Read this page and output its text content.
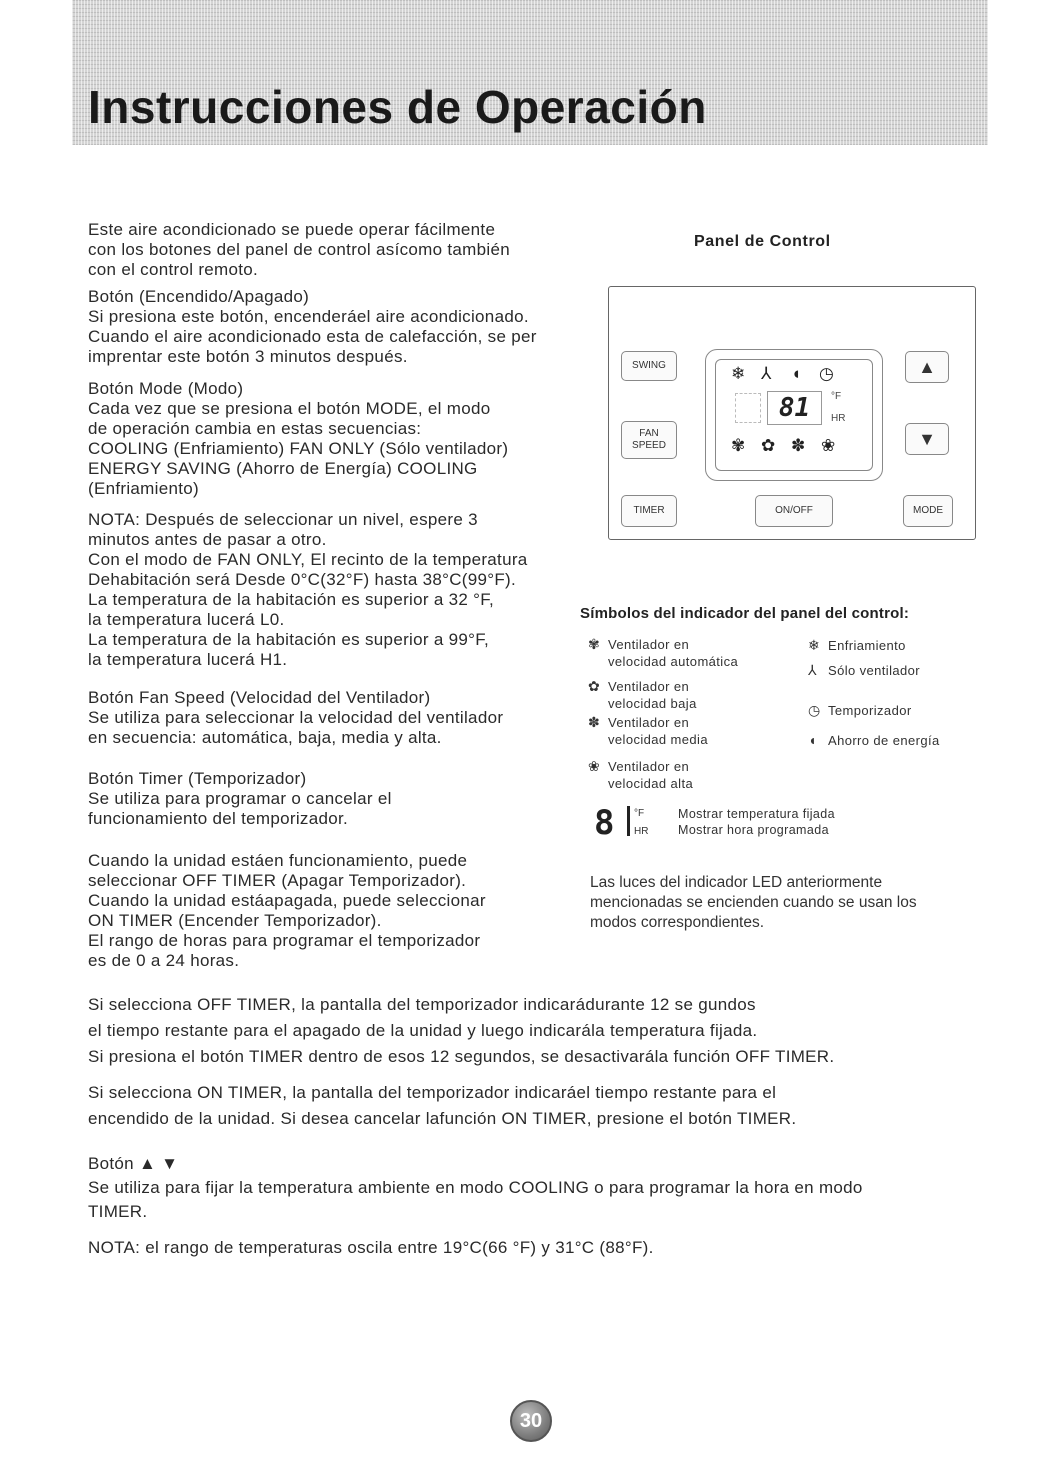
Instrucciones de Operación
Este aire acondicionado se puede operar fácilmente
con los botones del panel de control asícomo también
con el control remoto.
Botón (Encendido/Apagado)
Si presiona este botón, encenderáel aire acondicionado.
Cuando el aire acondicionado esta de calefacción, se per
imprentar este botón 3 minutos después.
Botón Mode (Modo)
Cada vez que se presiona el botón MODE, el modo
de operación cambia en estas secuencias:
COOLING (Enfriamiento) FAN ONLY (Sólo ventilador)
ENERGY SAVING (Ahorro de Energía) COOLING
(Enfriamiento)
NOTA: Después de seleccionar un nivel, espere 3
minutos antes de pasar a otro.
Con el modo de FAN ONLY, El recinto de la temperatura
Dehabitación será Desde 0°C(32°F) hasta 38°C(99°F).
La temperatura de la habitación es superior a 32 °F,
la temperatura lucerá L0.
La temperatura de la habitación es superior a 99°F,
la temperatura lucerá H1.
Botón Fan Speed (Velocidad del Ventilador)
Se utiliza para seleccionar la velocidad del ventilador
en secuencia: automática, baja, media y alta.
Botón Timer (Temporizador)
Se utiliza para programar o cancelar el
funcionamiento del temporizador.
Cuando la unidad estáen funcionamiento, puede
seleccionar OFF TIMER (Apagar Temporizador).
Cuando la unidad estáapagada, puede seleccionar
ON TIMER (Encender Temporizador).
El rango de horas para programar el temporizador
es de 0 a 24 horas.
Panel de Control
SWING
FAN
SPEED
TIMER
❄ ⅄ ◖ ◷
81	°F
HR
✾ ✿ ✽ ❀
ON/OFF
▲
▼
MODE
Símbolos del indicador del panel del control:
✾ Ventilador en
velocidad automática
✿ Ventilador en
velocidad baja
✽ Ventilador en
velocidad media
❀ Ventilador en
velocidad alta
❄ Enfriamiento
⅄ Sólo ventilador
◷ Temporizador
◖ Ahorro de energía
8 °F
HR
Mostrar temperatura fijada
Mostrar hora programada
Las luces del indicador LED anteriormente
mencionadas se encienden cuando se usan los
modos correspondientes.
Si selecciona OFF TIMER, la pantalla del temporizador indicarádurante 12 se gundos
el tiempo restante para el apagado de la unidad y luego indicarála temperatura fijada.
Si presiona el botón TIMER dentro de esos 12 segundos, se desactivarála función OFF TIMER.
Si selecciona ON TIMER, la pantalla del temporizador indicaráel tiempo restante para el
encendido de la unidad. Si desea cancelar lafunción ON TIMER, presione el botón TIMER.
Botón ▲ ▼
Se utiliza para fijar la temperatura ambiente en modo COOLING o para programar la hora en modo
TIMER.
NOTA: el rango de temperaturas oscila entre 19°C(66 °F) y 31°C (88°F).
30
